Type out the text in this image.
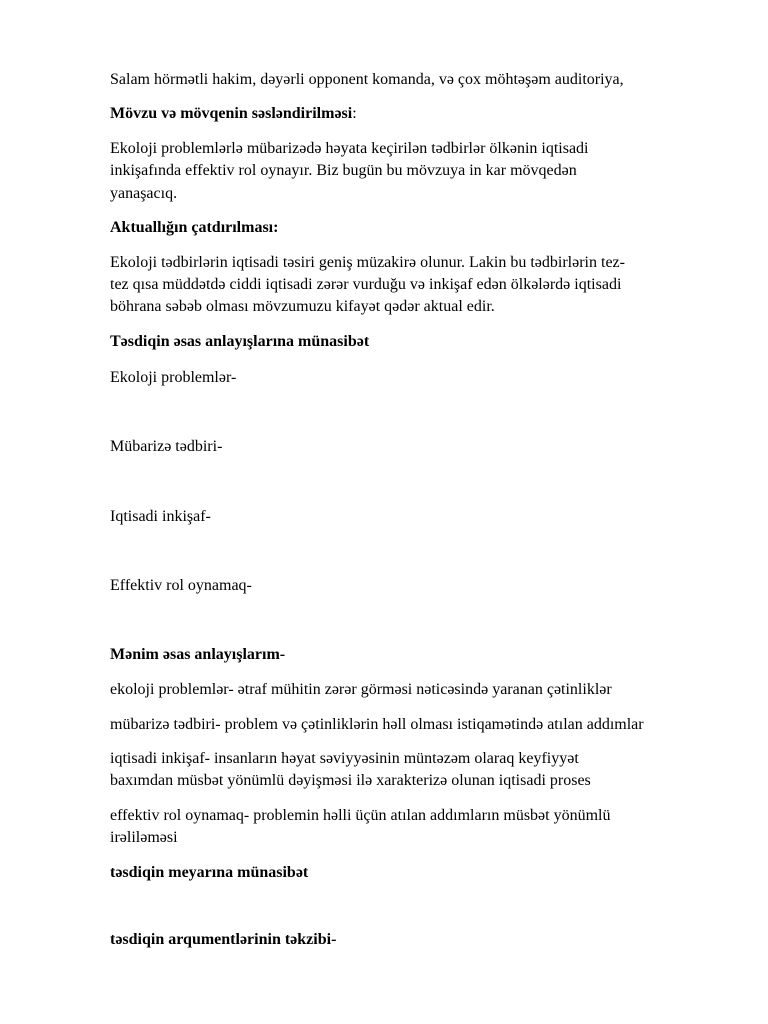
Salam hörmətli hakim, dəyərli opponent komanda, və çox möhtəşəm auditoriya,

Mövzu və mövqenin səsləndirilməsi:

Ekoloji problemlərlə mübarizədə həyata keçirilən tədbirlər ölkənin iqtisadi

inkişafında effektiv rol oynayır. Biz bugün bu mövzuya in kar mövqedən

yanaşacıq.

Aktuallığın çatdırılması:

Ekoloji tədbirlərin iqtisadi təsiri geniş müzakirə olunur. Lakin bu tədbirlərin tez-

tez qısa müddətdə ciddi iqtisadi zərər vurduğu və inkişaf edən ölkələrdə iqtisadi

böhrana səbəb olması mövzumuzu kifayət qədər aktual edir.

Təsdiqin əsas anlayışlarına münasibət

Ekoloji problemlər-

Mübarizə tədbiri-

Iqtisadi inkişaf-

Effektiv rol oynamaq-

Mənim əsas anlayışlarım-

ekoloji problemlər- ətraf mühitin zərər görməsi nəticəsində yaranan çətinliklər

mübarizə tədbiri- problem və çətinliklərin həll olması istiqamətində atılan addımlar

iqtisadi inkişaf- insanların həyat səviyyəsinin müntəzəm olaraq keyfiyyət

baxımdan müsbət yönümlü dəyişməsi ilə xarakterizə olunan iqtisadi proses

effektiv rol oynamaq- problemin həlli üçün atılan addımların müsbət yönümlü

irəliləməsi

təsdiqin meyarına münasibət

təsdiqin arqumentlərinin təkzibi-
